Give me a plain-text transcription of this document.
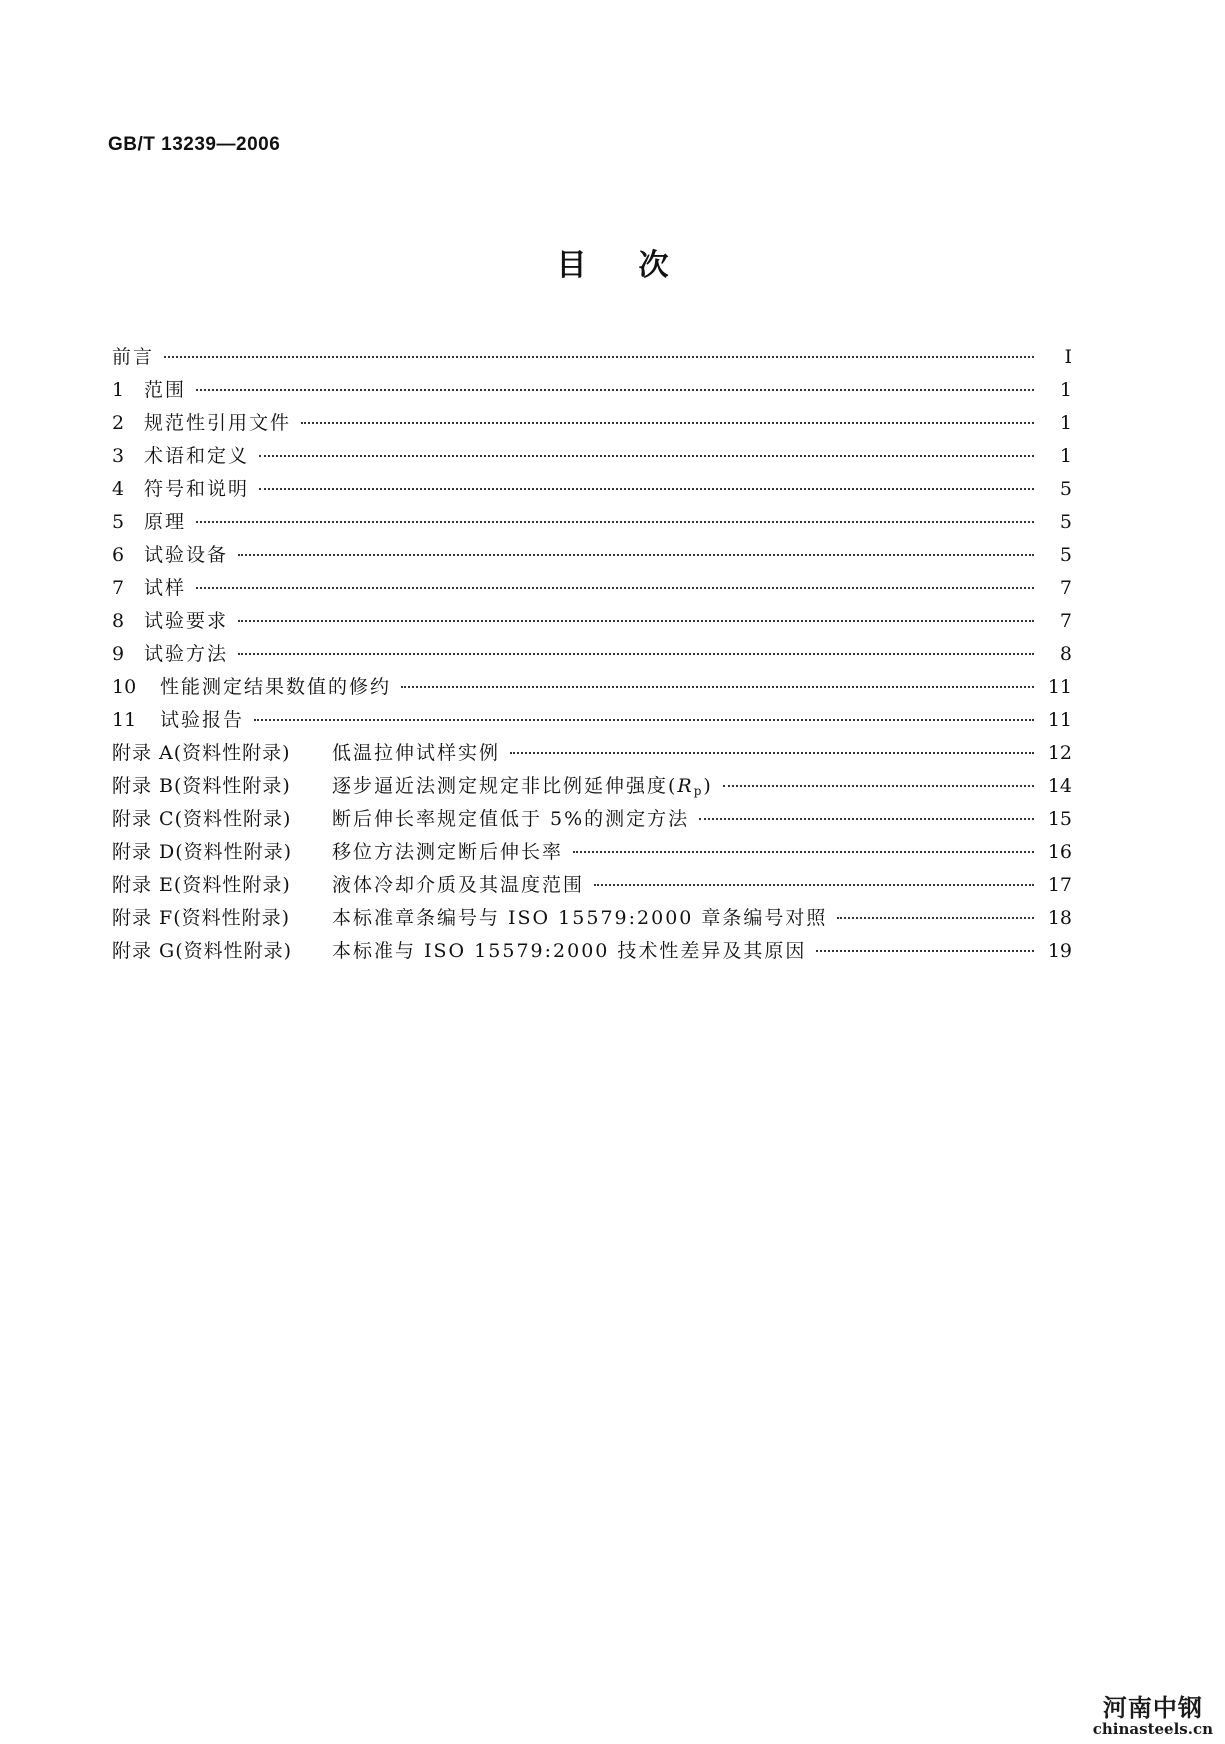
GB/T 13239—2006
目次
前言	I
1	范围	1
2	规范性引用文件	1
3	术语和定义	1
4	符号和说明	5
5	原理	5
6	试验设备	5
7	试样	7
8	试验要求	7
9	试验方法	8
10	性能测定结果数值的修约	11
11	试验报告	11
附录 A(资料性附录)	低温拉伸试样实例	12
附录 B(资料性附录)	逐步逼近法测定规定非比例延伸强度$(R_p)$	14
附录 C(资料性附录)	断后伸长率规定值低于 5%的测定方法	15
附录 D(资料性附录)	移位方法测定断后伸长率	16
附录 E(资料性附录)	液体冷却介质及其温度范围	17
附录 F(资料性附录)	本标准章条编号与 ISO 15579:2000 章条编号对照	18
附录 G(资料性附录)	本标准与 ISO 15579:2000 技术性差异及其原因	19
河南中钢
chinasteels.cn
